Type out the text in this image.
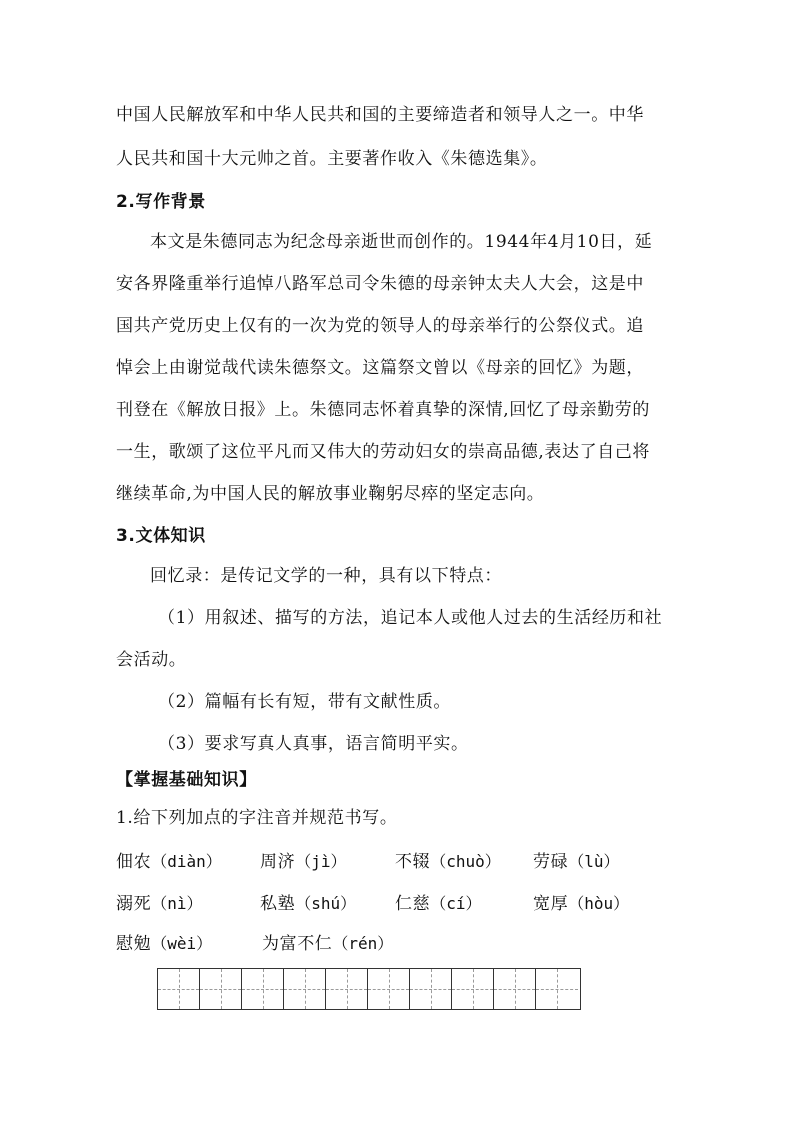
中国人民解放军和中华人民共和国的主要缔造者和领导人之一。中华
人民共和国十大元帅之首。主要著作收入《朱德选集》。
2.写作背景
本文是朱德同志为纪念母亲逝世而创作的。1944年4月10日，延
安各界隆重举行追悼八路军总司令朱德的母亲钟太夫人大会，这是中
国共产党历史上仅有的一次为党的领导人的母亲举行的公祭仪式。追
悼会上由谢觉哉代读朱德祭文。这篇祭文曾以《母亲的回忆》为题，
刊登在《解放日报》上。朱德同志怀着真挚的深情,回忆了母亲勤劳的
一生，歌颂了这位平凡而又伟大的劳动妇女的崇高品德,表达了自己将
继续革命,为中国人民的解放事业鞠躬尽瘁的坚定志向。
3.文体知识
回忆录：是传记文学的一种，具有以下特点：
（1）用叙述、描写的方法，追记本人或他人过去的生活经历和社
会活动。
（2）篇幅有长有短，带有文献性质。
（3）要求写真人真事，语言简明平实。
【掌握基础知识】
1.给下列加点的字注音并规范书写。
佃农（diàn） 周济（jì）	不辍（chuò） 劳碌（lù）
溺死（nì）	私塾（shú） 仁慈（cí）	宽厚（hòu）
慰勉（wèi）	为富不仁（rén）
